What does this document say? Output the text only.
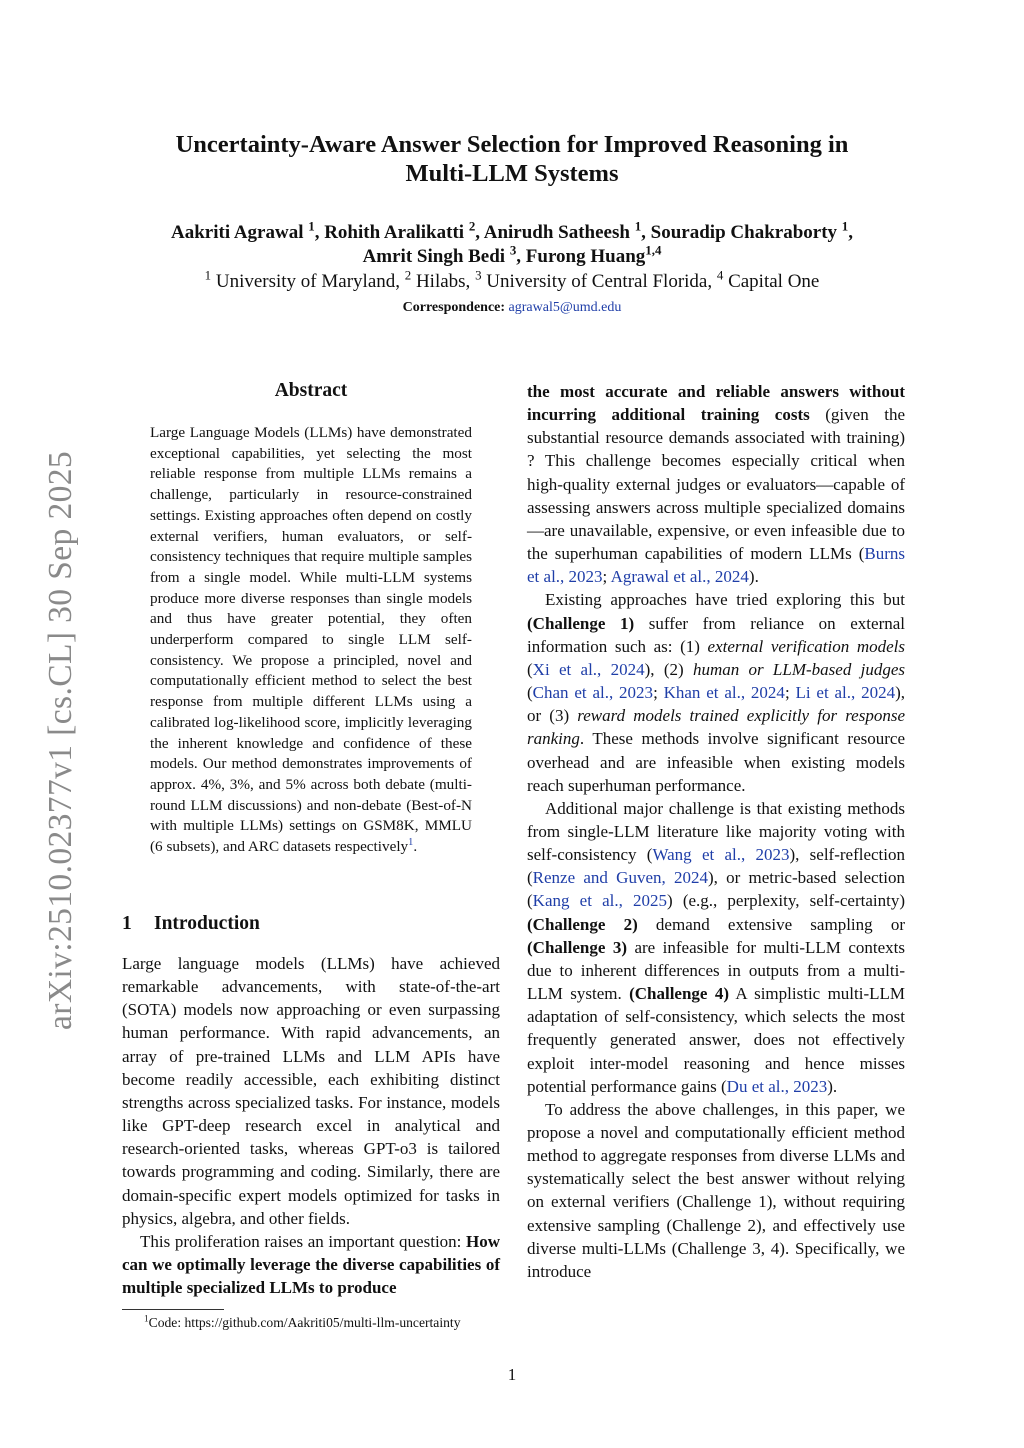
arXiv:2510.02377v1 [cs.CL] 30 Sep 2025
Uncertainty-Aware Answer Selection for Improved Reasoning in
Multi-LLM Systems
Aakriti Agrawal $^1$, Rohith Aralikatti $^2$, Anirudh Satheesh $^1$, Souradip Chakraborty $^1$,
Amrit Singh Bedi $^3$, Furong Huang$^{1,4}$
$^1$ University of Maryland, $^2$ Hilabs, $^3$ University of Central Florida, $^4$ Capital One
Correspondence: agrawal5@umd.edu
Abstract
Large Language Models (LLMs) have demonstrated exceptional capabilities, yet selecting the most reliable response from multiple LLMs remains a challenge, particularly in resource-constrained settings. Existing approaches often depend on costly external verifiers, human evaluators, or self-consistency techniques that require multiple samples from a single model. While multi-LLM systems produce more diverse responses than single models and thus have greater potential, they often underperform compared to single LLM self-consistency. We propose a principled, novel and computationally efficient method to select the best response from multiple different LLMs using a calibrated log-likelihood score, implicitly leveraging the inherent knowledge and confidence of these models. Our method demonstrates improvements of approx. 4%, 3%, and 5% across both debate (multi-round LLM discussions) and non-debate (Best-of-N with multiple LLMs) settings on GSM8K, MMLU (6 subsets), and ARC datasets respectively$^1$.
1 Introduction

Large language models (LLMs) have achieved remarkable advancements, with state-of-the-art (SOTA) models now approaching or even surpassing human performance. With rapid advancements, an array of pre-trained LLMs and LLM APIs have become readily accessible, each exhibiting distinct strengths across specialized tasks. For instance, models like GPT-deep research excel in analytical and research-oriented tasks, whereas GPT-o3 is tailored towards programming and coding. Similarly, there are domain-specific expert models optimized for tasks in physics, algebra, and other fields.

This proliferation raises an important question: How can we optimally leverage the diverse capabilities of multiple specialized LLMs to produce

$^1$Code: https://github.com/Aakriti05/multi-llm-uncertainty

the most accurate and reliable answers without incurring additional training costs (given the substantial resource demands associated with training) ? This challenge becomes especially critical when high-quality external judges or evaluators—capable of assessing answers across multiple specialized domains—are unavailable, expensive, or even infeasible due to the superhuman capabilities of modern LLMs (Burns et al., 2023; Agrawal et al., 2024).

Existing approaches have tried exploring this but (Challenge 1) suffer from reliance on external information such as: (1) external verification models (Xi et al., 2024), (2) human or LLM-based judges (Chan et al., 2023; Khan et al., 2024; Li et al., 2024), or (3) reward models trained explicitly for response ranking. These methods involve significant resource overhead and are infeasible when existing models reach superhuman performance.

Additional major challenge is that existing methods from single-LLM literature like majority voting with self-consistency (Wang et al., 2023), self-reflection (Renze and Guven, 2024), or metric-based selection (Kang et al., 2025) (e.g., perplexity, self-certainty) (Challenge 2) demand extensive sampling or (Challenge 3) are infeasible for multi-LLM contexts due to inherent differences in outputs from a multi-LLM system. (Challenge 4) A simplistic multi-LLM adaptation of self-consistency, which selects the most frequently generated answer, does not effectively exploit inter-model reasoning and hence misses potential performance gains (Du et al., 2023).

To address the above challenges, in this paper, we propose a novel and computationally efficient method method to aggregate responses from diverse LLMs and systematically select the best answer without relying on external verifiers (Challenge 1), without requiring extensive sampling (Challenge 2), and effectively use diverse multi-LLMs (Challenge 3, 4). Specifically, we introduce

1
